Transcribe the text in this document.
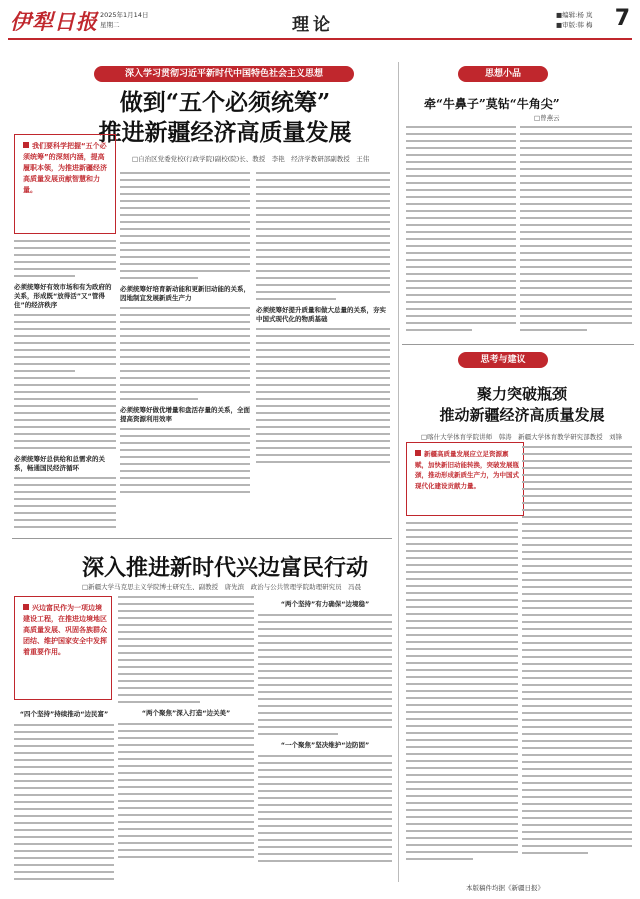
伊犁日报 2025年1月14日
星期二	理论	■编辑:杨 岚
■审版:韩 梅 7
深入学习贯彻习近平新时代中国特色社会主义思想
做到“五个必须统筹”
推进新疆经济高质量发展
□自治区党委党校(行政学院)副校(院)长、教授　李艳　经济学教研部副教授　王伟
我们要科学把握“五个必须统筹”的深刻内涵，提高履职本领，为推进新疆经济高质量发展贡献智慧和力量。
必须统筹好有效市场和有为政府的关系，形成既“放得活”又“管得住”的经济秩序
必须统筹好总供给和总需求的关系，畅通国民经济循环
必须统筹好培育新动能和更新旧动能的关系，因地制宜发展新质生产力
必须统筹好做优增量和盘活存量的关系，全面提高资源利用效率
必须统筹好提升质量和做大总量的关系，夯实中国式现代化的物质基础
深入推进新时代兴边富民行动
□新疆大学马克思主义学院博士研究生、副教授　唐先滨　政治与公共管理学院助理研究员　冯晨
兴边富民作为一项边境建设工程，在推进边境地区高质量发展、巩固各族群众团结、维护国家安全中发挥着重要作用。
“四个坚持”持续推动“边民富”	“两个聚焦”深入打造“边关美”
“两个坚持”有力确保“边境稳”
“一个聚焦”坚决维护“边防固”
思想小品
牵“牛鼻子”莫钻“牛角尖”
□曾燕云
思考与建议
聚力突破瓶颈
推动新疆经济高质量发展
□喀什大学体育学院讲师　韩涛　新疆大学体育教学研究部教授　刘锋
新疆高质量发展应立足资源禀赋，加快新旧动能转换，突破发展瓶颈，推动形成新质生产力，为中国式现代化建设贡献力量。
本版稿件均据《新疆日报》
